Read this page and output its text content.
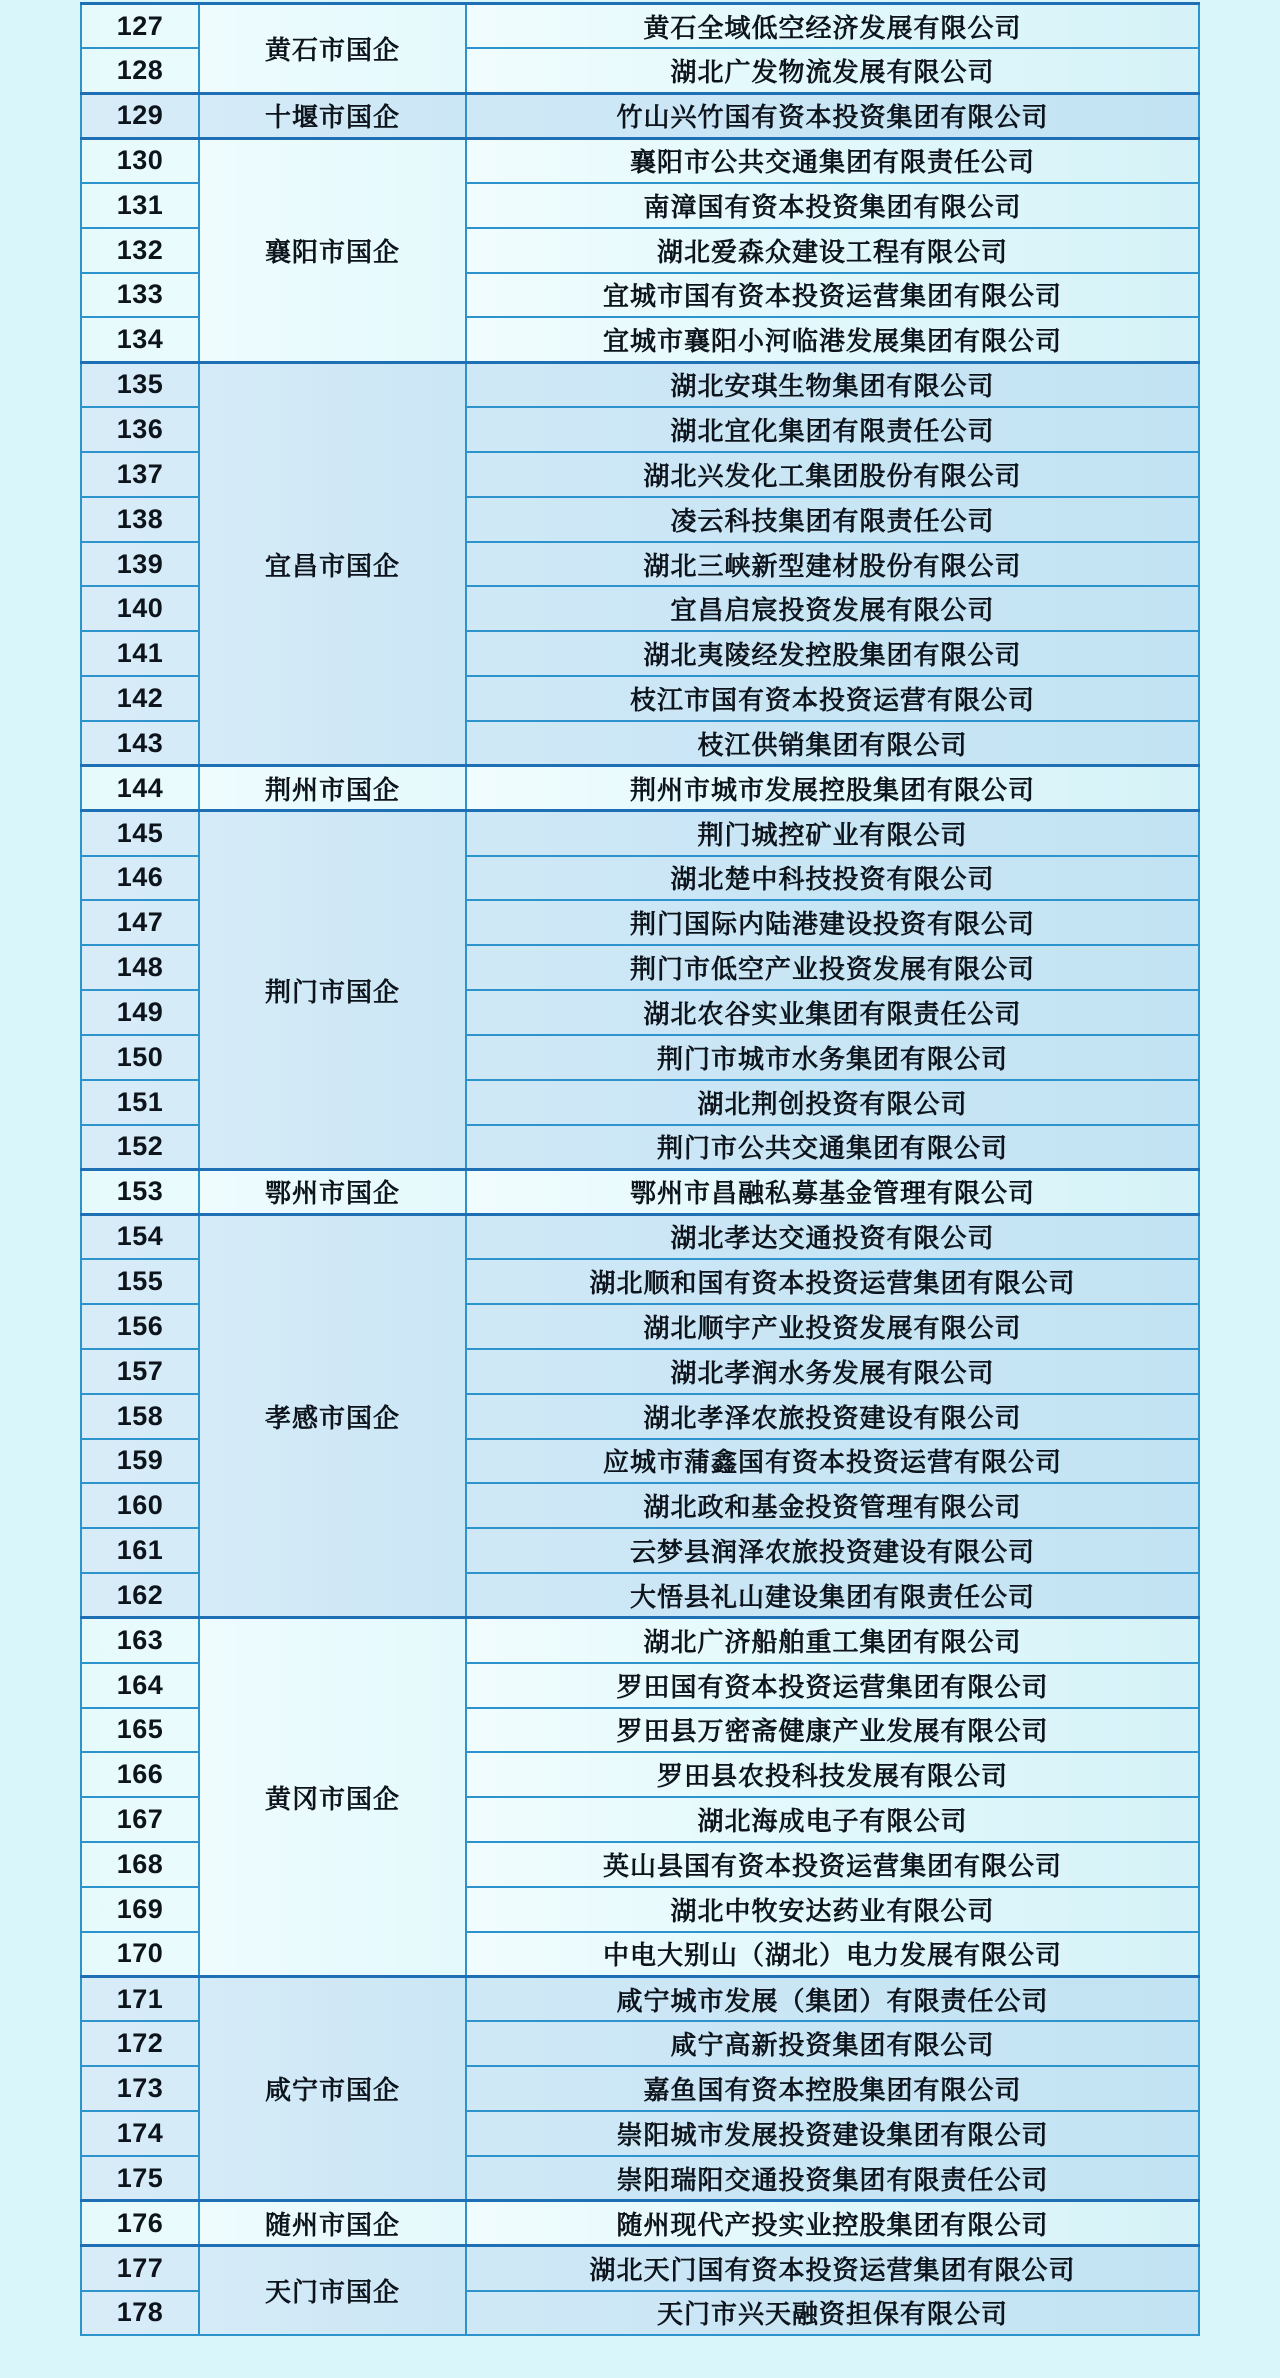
127	黄石市国企	黄石全域低空经济发展有限公司
128		湖北广发物流发展有限公司
129	十堰市国企	竹山兴竹国有资本投资集团有限公司
130	襄阳市国企	襄阳市公共交通集团有限责任公司
131		南漳国有资本投资集团有限公司
132		湖北爱森众建设工程有限公司
133		宜城市国有资本投资运营集团有限公司
134		宜城市襄阳小河临港发展集团有限公司
135	宜昌市国企	湖北安琪生物集团有限公司
136		湖北宜化集团有限责任公司
137		湖北兴发化工集团股份有限公司
138		凌云科技集团有限责任公司
139		湖北三峡新型建材股份有限公司
140		宜昌启宸投资发展有限公司
141		湖北夷陵经发控股集团有限公司
142		枝江市国有资本投资运营有限公司
143		枝江供销集团有限公司
144	荆州市国企	荆州市城市发展控股集团有限公司
145	荆门市国企	荆门城控矿业有限公司
146		湖北楚中科技投资有限公司
147		荆门国际内陆港建设投资有限公司
148		荆门市低空产业投资发展有限公司
149		湖北农谷实业集团有限责任公司
150		荆门市城市水务集团有限公司
151		湖北荆创投资有限公司
152		荆门市公共交通集团有限公司
153	鄂州市国企	鄂州市昌融私募基金管理有限公司
154	孝感市国企	湖北孝达交通投资有限公司
155		湖北顺和国有资本投资运营集团有限公司
156		湖北顺宇产业投资发展有限公司
157		湖北孝润水务发展有限公司
158		湖北孝泽农旅投资建设有限公司
159		应城市蒲鑫国有资本投资运营有限公司
160		湖北政和基金投资管理有限公司
161		云梦县润泽农旅投资建设有限公司
162		大悟县礼山建设集团有限责任公司
163	黄冈市国企	湖北广济船舶重工集团有限公司
164		罗田国有资本投资运营集团有限公司
165		罗田县万密斋健康产业发展有限公司
166		罗田县农投科技发展有限公司
167		湖北海成电子有限公司
168		英山县国有资本投资运营集团有限公司
169		湖北中牧安达药业有限公司
170		中电大别山（湖北）电力发展有限公司
171	咸宁市国企	咸宁城市发展（集团）有限责任公司
172		咸宁高新投资集团有限公司
173		嘉鱼国有资本控股集团有限公司
174		崇阳城市发展投资建设集团有限公司
175		崇阳瑞阳交通投资集团有限责任公司
176	随州市国企	随州现代产投实业控股集团有限公司
177	天门市国企	湖北天门国有资本投资运营集团有限公司
178		天门市兴天融资担保有限公司
